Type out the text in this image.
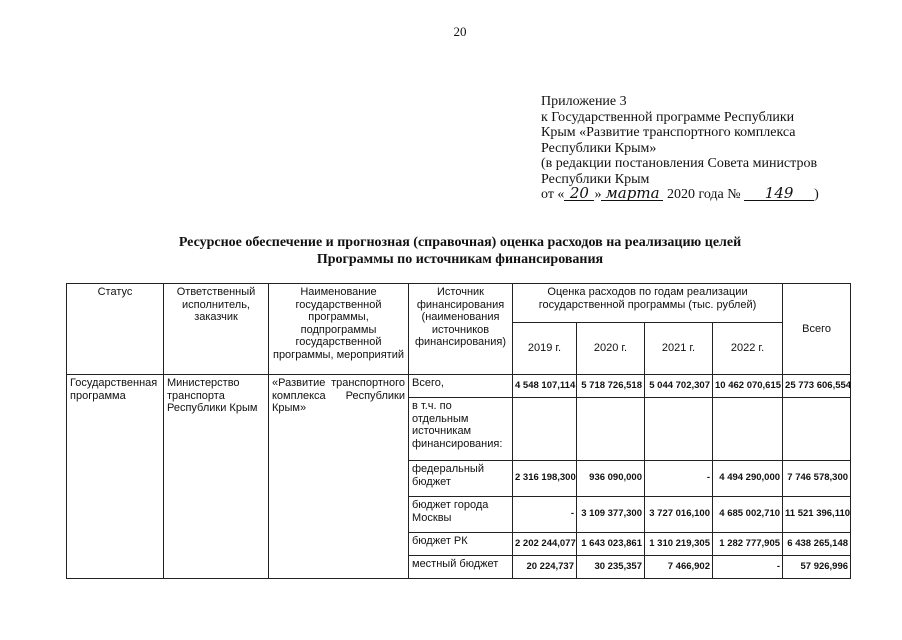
20
Приложение 3
к Государственной программе Республики
Крым «Развитие транспортного комплекса
Республики Крым»
(в редакции постановления Совета министров
Республики Крым
от « 20 » марта 2020 года № 149 )
Ресурсное обеспечение и прогнозная (справочная) оценка расходов на реализацию целей
Программы по источникам финансирования
Статус	Ответственный исполнитель, заказчик	Наименование государственной программы, подпрограммы государственной программы, мероприятий	Источник финансирования (наименования источников финансирования)	Оценка расходов по годам реализации государственной программы (тыс. рублей)				Всего
				2019 г.	2020 г.	2021 г.	2022 г.	
Государственная программа	Министерство транспорта Республики Крым	«Развитие транспортного комплекса Республики Крым»	Всего,	4 548 107,114	5 718 726,518	5 044 702,307	10 462 070,615	25 773 606,554
			в т.ч. по отдельным источникам финансирования:					
			федеральный бюджет	2 316 198,300	936 090,000	-	4 494 290,000	7 746 578,300
			бюджет города Москвы	-	3 109 377,300	3 727 016,100	4 685 002,710	11 521 396,110
			бюджет РК	2 202 244,077	1 643 023,861	1 310 219,305	1 282 777,905	6 438 265,148
			местный бюджет	20 224,737	30 235,357	7 466,902	-	57 926,996
